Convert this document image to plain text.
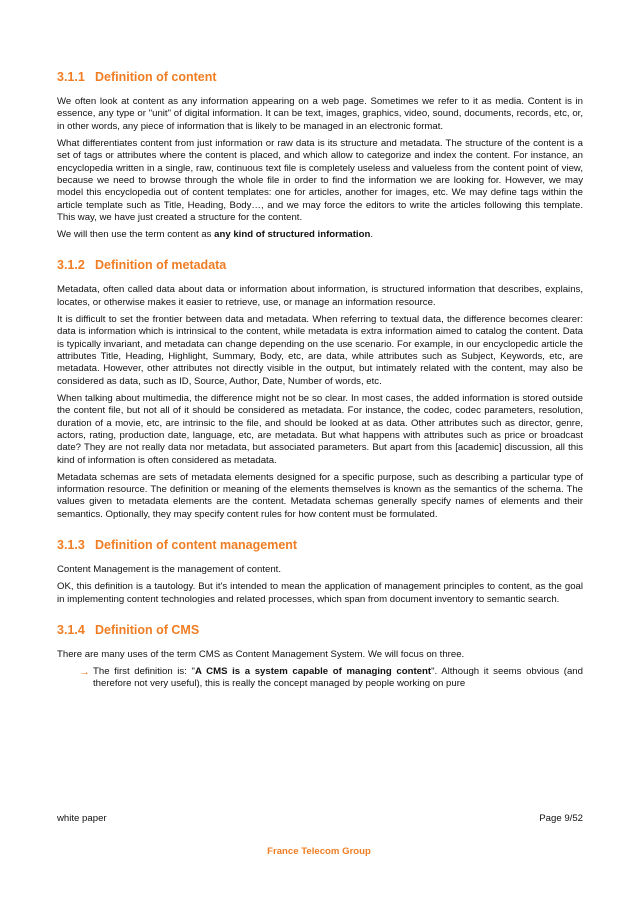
3.1.1 Definition of content

We often look at content as any information appearing on a web page. Sometimes we refer to it as media. Content is in essence, any type or "unit" of digital information. It can be text, images, graphics, video, sound, documents, records, etc, or, in other words, any piece of information that is likely to be managed in an electronic format.

What differentiates content from just information or raw data is its structure and metadata. The structure of the content is a set of tags or attributes where the content is placed, and which allow to categorize and index the content. For instance, an encyclopedia written in a single, raw, continuous text file is completely useless and valueless from the content point of view, because we need to browse through the whole file in order to find the information we are looking for. However, we may model this encyclopedia out of content templates: one for articles, another for images, etc. We may define tags within the article template such as Title, Heading, Body…, and we may force the editors to write the articles following this template. This way, we have just created a structure for the content.

We will then use the term content as any kind of structured information.

3.1.2 Definition of metadata

Metadata, often called data about data or information about information, is structured information that describes, explains, locates, or otherwise makes it easier to retrieve, use, or manage an information resource.

It is difficult to set the frontier between data and metadata. When referring to textual data, the difference becomes clearer: data is information which is intrinsical to the content, while metadata is extra information aimed to catalog the content. Data is typically invariant, and metadata can change depending on the use scenario. For example, in our encyclopedic article the attributes Title, Heading, Highlight, Summary, Body, etc, are data, while attributes such as Subject, Keywords, etc, are metadata. However, other attributes not directly visible in the output, but intimately related with the content, may also be considered as data, such as ID, Source, Author, Date, Number of words, etc.

When talking about multimedia, the difference might not be so clear. In most cases, the added information is stored outside the content file, but not all of it should be considered as metadata. For instance, the codec, codec parameters, resolution, duration of a movie, etc, are intrinsic to the file, and should be looked at as data. Other attributes such as director, genre, actors, rating, production date, language, etc, are metadata. But what happens with attributes such as price or broadcast date? They are not really data nor metadata, but associated parameters. But apart from this [academic] discussion, all this kind of information is often considered as metadata.

Metadata schemas are sets of metadata elements designed for a specific purpose, such as describing a particular type of information resource. The definition or meaning of the elements themselves is known as the semantics of the schema. The values given to metadata elements are the content. Metadata schemas generally specify names of elements and their semantics. Optionally, they may specify content rules for how content must be formulated.

3.1.3 Definition of content management

Content Management is the management of content.

OK, this definition is a tautology. But it's intended to mean the application of management principles to content, as the goal in implementing content technologies and related processes, which span from document inventory to semantic search.

3.1.4 Definition of CMS

There are many uses of the term CMS as Content Management System. We will focus on three.

→ The first definition is: "A CMS is a system capable of managing content". Although it seems obvious (and therefore not very useful), this is really the concept managed by people working on pure
white paper	Page 9/52
France Telecom Group
